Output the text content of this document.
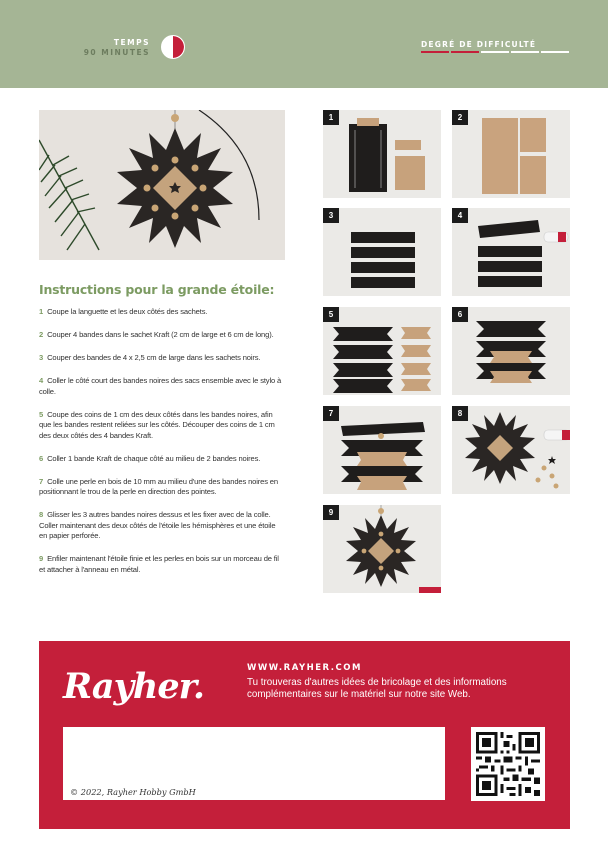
TEMPS
90 MINUTES
DEGRÉ DE DIFFICULTÉ
Instructions pour la grande étoile:
1 Coupe la languette et les deux côtés des sachets.
2 Couper 4 bandes dans le sachet Kraft (2 cm de large et 6 cm de long).
3 Couper des bandes de 4 x 2,5 cm de large dans les sachets noirs.
4 Coller le côté court des bandes noires des sacs ensemble avec le stylo à colle.
5 Coupe des coins de 1 cm des deux côtés dans les bandes noires, afin que les bandes restent reliées sur les côtés. Découper des coins de 1 cm des deux côtés des 4 bandes Kraft.
6 Coller 1 bande Kraft de chaque côté au milieu de 2 bandes noires.
7 Colle une perle en bois de 10 mm au milieu d'une des bandes noires en positionnant le trou de la perle en direction des pointes.
8 Glisser les 3 autres bandes noires dessus et les fixer avec de la colle. Coller maintenant des deux côtés de l'étoile les hémisphères et une étoile en papier perforée.
9 Enfiler maintenant l'étoile finie et les perles en bois sur un morceau de fil et attacher à l'anneau en métal.
1	2
3	4
5	6
7	8
9
Rayher.	WWW.RAYHER.COM
Tu trouveras d'autres idées de bricolage et des informations complémentaires sur le matériel sur notre site Web.
© 2022, Rayher Hobby GmbH
